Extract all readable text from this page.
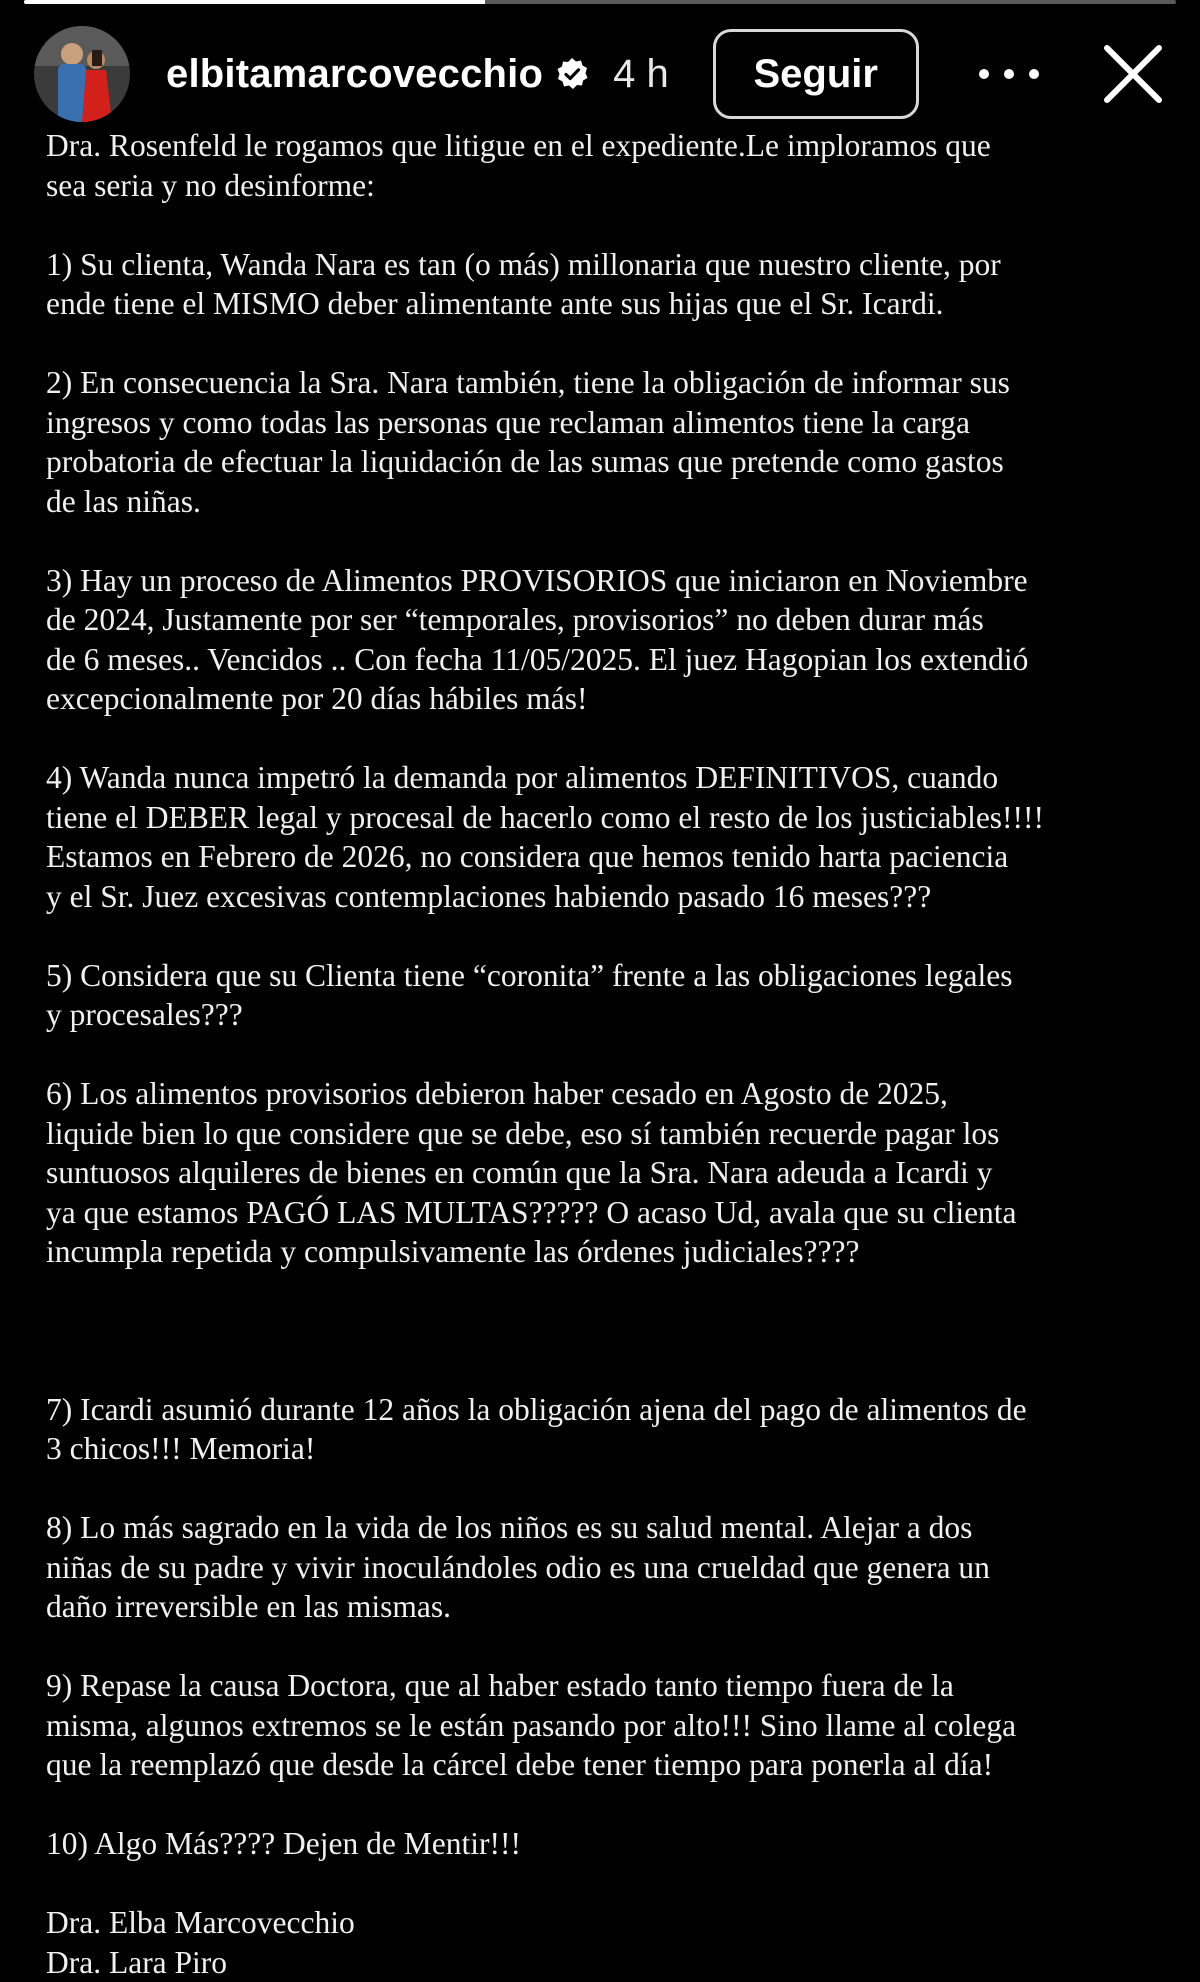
elbitamarcovecchio 4 h	Seguir

Dra. Rosenfeld le rogamos que litigue en el expediente.Le imploramos que
sea seria y no desinforme:

1) Su clienta, Wanda Nara es tan (o más) millonaria que nuestro cliente, por
ende tiene el MISMO deber alimentante ante sus hijas que el Sr. Icardi.

2) En consecuencia la Sra. Nara también, tiene la obligación de informar sus
ingresos y como todas las personas que reclaman alimentos tiene la carga
probatoria de efectuar la liquidación de las sumas que pretende como gastos
de las niñas.

3) Hay un proceso de Alimentos PROVISORIOS que iniciaron en Noviembre
de 2024, Justamente por ser “temporales, provisorios” no deben durar más
de 6 meses.. Vencidos .. Con fecha 11/05/2025. El juez Hagopian los extendió
excepcionalmente por 20 días hábiles más!

4) Wanda nunca impetró la demanda por alimentos DEFINITIVOS, cuando
tiene el DEBER legal y procesal de hacerlo como el resto de los justiciables!!!!
Estamos en Febrero de 2026, no considera que hemos tenido harta paciencia
y el Sr. Juez excesivas contemplaciones habiendo pasado 16 meses???

5) Considera que su Clienta tiene “coronita” frente a las obligaciones legales
y procesales???

6) Los alimentos provisorios debieron haber cesado en Agosto de 2025,
liquide bien lo que considere que se debe, eso sí también recuerde pagar los
suntuosos alquileres de bienes en común que la Sra. Nara adeuda a Icardi y
ya que estamos PAGÓ LAS MULTAS????? O acaso Ud, avala que su clienta
incumpla repetida y compulsivamente las órdenes judiciales????

7) Icardi asumió durante 12 años la obligación ajena del pago de alimentos de
3 chicos!!! Memoria!

8) Lo más sagrado en la vida de los niños es su salud mental. Alejar a dos
niñas de su padre y vivir inoculándoles odio es una crueldad que genera un
daño irreversible en las mismas.

9) Repase la causa Doctora, que al haber estado tanto tiempo fuera de la
misma, algunos extremos se le están pasando por alto!!! Sino llame al colega
que la reemplazó que desde la cárcel debe tener tiempo para ponerla al día!

10) Algo Más???? Dejen de Mentir!!!

Dra. Elba Marcovecchio
Dra. Lara Piro
